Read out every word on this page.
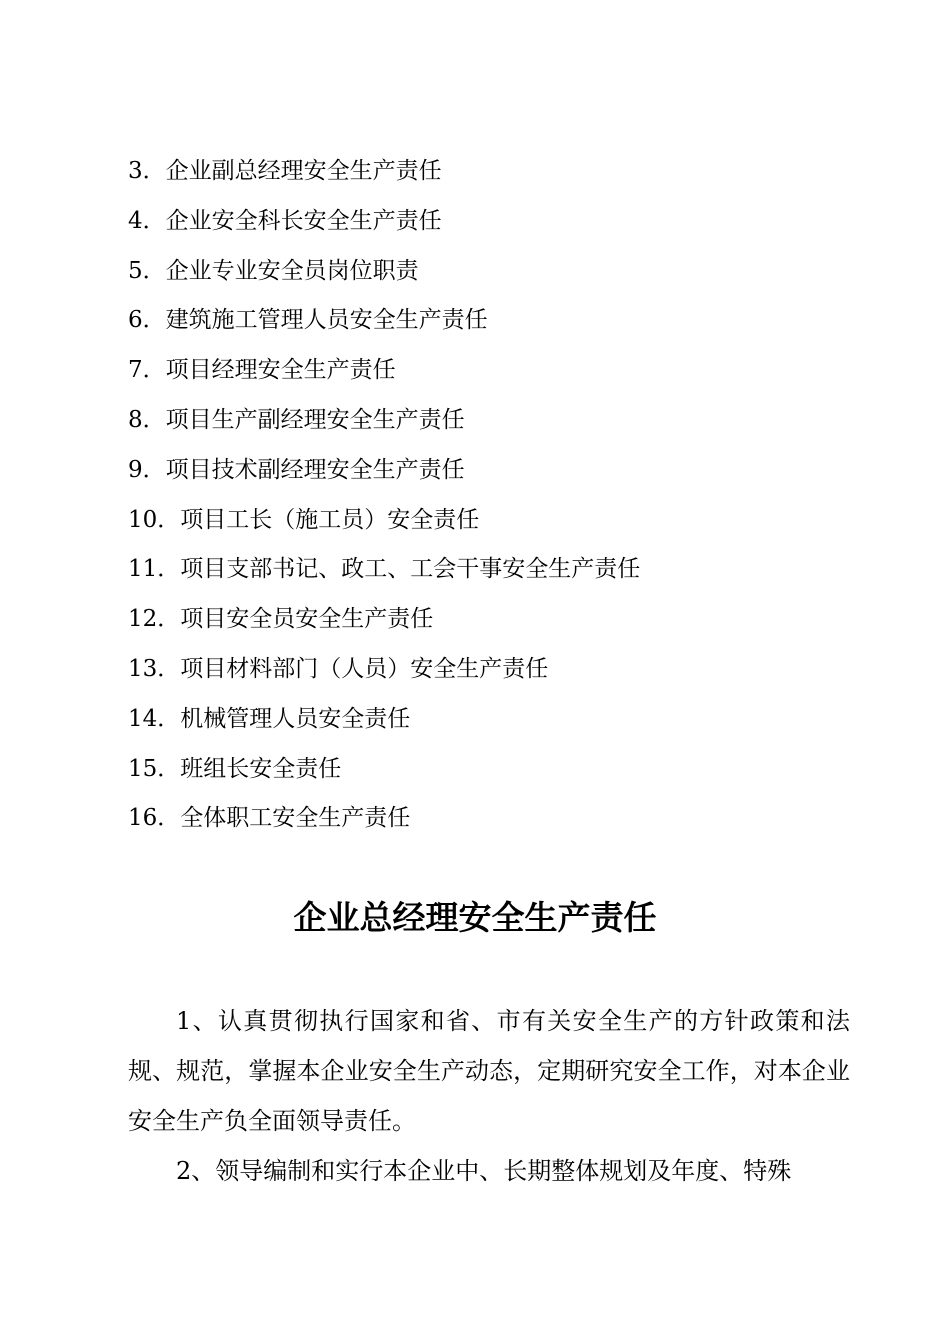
3．企业副总经理安全生产责任
4．企业安全科长安全生产责任
5．企业专业安全员岗位职责
6．建筑施工管理人员安全生产责任
7．项目经理安全生产责任
8．项目生产副经理安全生产责任
9．项目技术副经理安全生产责任
10．项目工长（施工员）安全责任
11．项目支部书记、政工、工会干事安全生产责任
12．项目安全员安全生产责任
13．项目材料部门（人员）安全生产责任
14．机械管理人员安全责任
15．班组长安全责任
16．全体职工安全生产责任
企业总经理安全生产责任

1、认真贯彻执行国家和省、市有关安全生产的方针政策和法规、规范，掌握本企业安全生产动态，定期研究安全工作，对本企业安全生产负全面领导责任。

2、领导编制和实行本企业中、长期整体规划及年度、特殊
